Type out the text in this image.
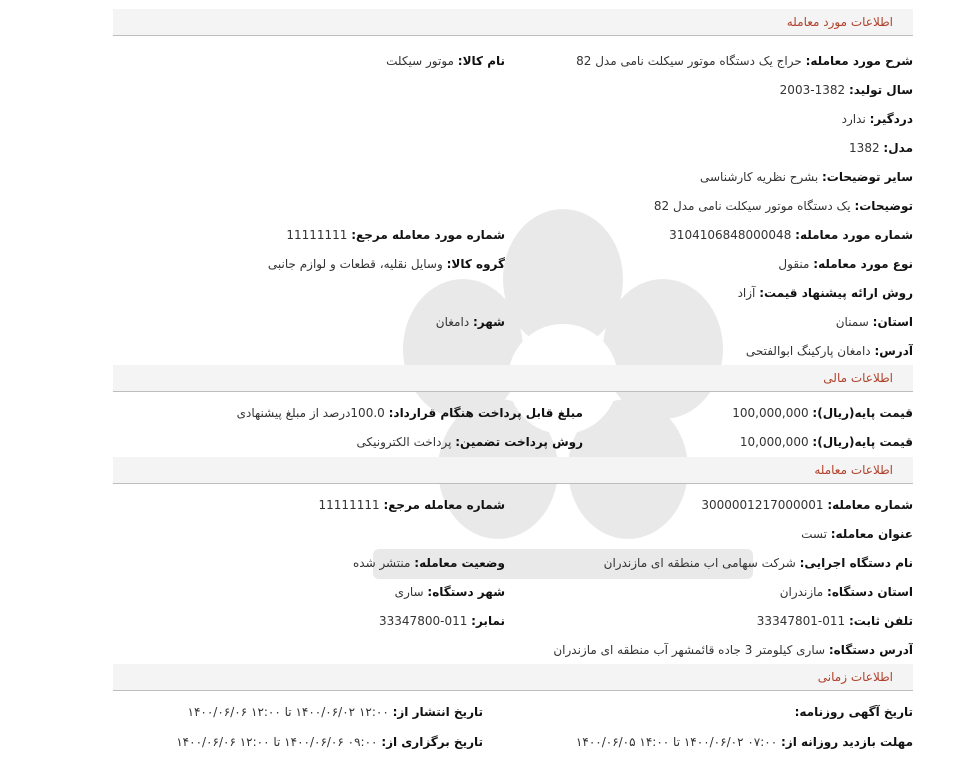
اطلاعات مورد معامله
شرح مورد معامله: حراج یک دستگاه موتور سیکلت نامی مدل 82
نام کالا: موتور سیکلت
سال تولید: 1382-2003
دردگیر: ندارد
مدل: 1382
سایر توضیحات: بشرح نظریه کارشناسی
توضیحات: یک دستگاه موتور سیکلت نامی مدل 82
شماره مورد معامله: 3104106848000048
شماره مورد معامله مرجع: 11111111
نوع مورد معامله: منقول
گروه کالا: وسایل نقلیه، قطعات و لوازم جانبی
روش ارائه پیشنهاد قیمت: آزاد
استان: سمنان
شهر: دامغان
آدرس: دامغان پارکینگ ابوالفتحی
اطلاعات مالی
قیمت پایه(ریال): 100,000,000
مبلغ قابل پرداخت هنگام قرارداد: 100.0درصد از مبلغ پیشنهادی
قیمت پایه(ریال): 10,000,000
روش پرداخت تضمین: پرداخت الکترونیکی
اطلاعات معامله
شماره معامله: 3000001217000001
شماره معامله مرجع: 11111111
عنوان معامله: تست
نام دستگاه اجرایی: شرکت سهامی اب منطقه ای مازندران
وضعیت معامله: منتشر شده
استان دستگاه: مازندران
شهر دستگاه: ساری
تلفن ثابت: 011-33347801
نمابر: 011-33347800
آدرس دستگاه: ساری کیلومتر 3 جاده قائمشهر آب منطقه ای مازندران
اطلاعات زمانی
تاریخ آگهی روزنامه:
تاریخ انتشار از: ۱۲:۰۰ ۱۴۰۰/۰۶/۰۲ تا ۱۲:۰۰ ۱۴۰۰/۰۶/۰۶
مهلت بازدید روزانه از: ۰۷:۰۰ ۱۴۰۰/۰۶/۰۲ تا ۱۴:۰۰ ۱۴۰۰/۰۶/۰۵
تاریخ برگزاری از: ۰۹:۰۰ ۱۴۰۰/۰۶/۰۶ تا ۱۲:۰۰ ۱۴۰۰/۰۶/۰۶
